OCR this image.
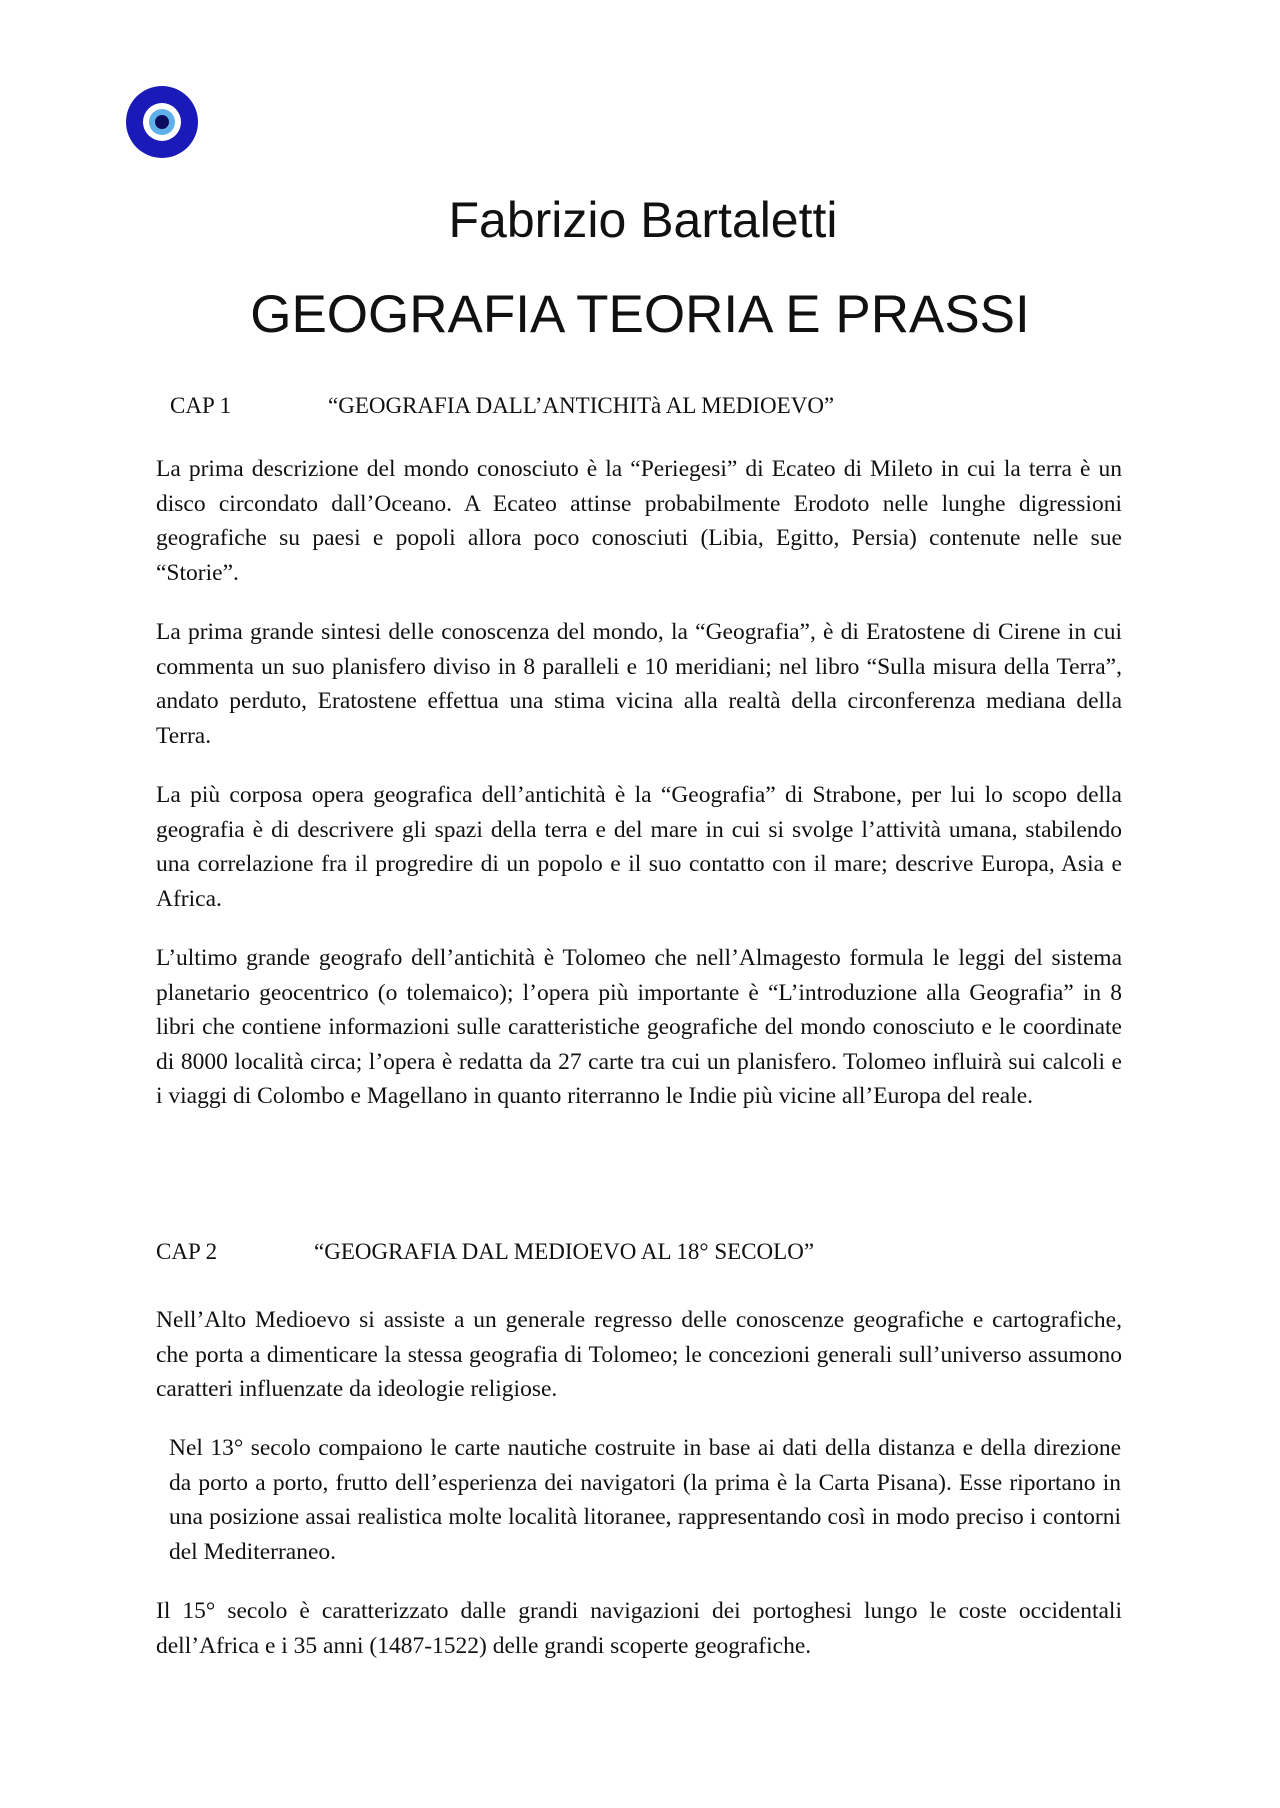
Fabrizio Bartaletti
GEOGRAFIA TEORIA E PRASSI
CAP 1	“GEOGRAFIA DALL’ANTICHITà AL MEDIOEVO”

La prima descrizione del mondo conosciuto è la “Periegesi” di Ecateo di Mileto in cui la terra è un disco circondato dall’Oceano. A Ecateo attinse probabilmente Erodoto nelle lunghe digressioni geografiche su paesi e popoli allora poco conosciuti (Libia, Egitto, Persia) contenute nelle sue “Storie”.

La prima grande sintesi delle conoscenza del mondo, la “Geografia”, è di Eratostene di Cirene in cui commenta un suo planisfero diviso in 8 paralleli e 10 meridiani; nel libro “Sulla misura della Terra”, andato perduto, Eratostene effettua una stima vicina alla realtà della circonferenza mediana della Terra.

La più corposa opera geografica dell’antichità è la “Geografia” di Strabone, per lui lo scopo della geografia è di descrivere gli spazi della terra e del mare in cui si svolge l’attività umana, stabilendo una correlazione fra il progredire di un popolo e il suo contatto con il mare; descrive Europa, Asia e Africa.

L’ultimo grande geografo dell’antichità è Tolomeo che nell’Almagesto formula le leggi del sistema planetario geocentrico (o tolemaico); l’opera più importante è “L’introduzione alla Geografia” in 8 libri che contiene informazioni sulle caratteristiche geografiche del mondo conosciuto e le coordinate di 8000 località circa; l’opera è redatta da 27 carte tra cui un planisfero. Tolomeo influirà sui calcoli e i viaggi di Colombo e Magellano in quanto riterranno le Indie più vicine all’Europa del reale.

CAP 2	“GEOGRAFIA DAL MEDIOEVO AL 18° SECOLO”

Nell’Alto Medioevo si assiste a un generale regresso delle conoscenze geografiche e cartografiche, che porta a dimenticare la stessa geografia di Tolomeo; le concezioni generali sull’universo assumono caratteri influenzate da ideologie religiose.

Nel 13° secolo compaiono le carte nautiche costruite in base ai dati della distanza e della direzione da porto a porto, frutto dell’esperienza dei navigatori (la prima è la Carta Pisana). Esse riportano in una posizione assai realistica molte località litoranee, rappresentando così in modo preciso i contorni del Mediterraneo.

Il 15° secolo è caratterizzato dalle grandi navigazioni dei portoghesi lungo le coste occidentali dell’Africa e i 35 anni (1487-1522) delle grandi scoperte geografiche.
